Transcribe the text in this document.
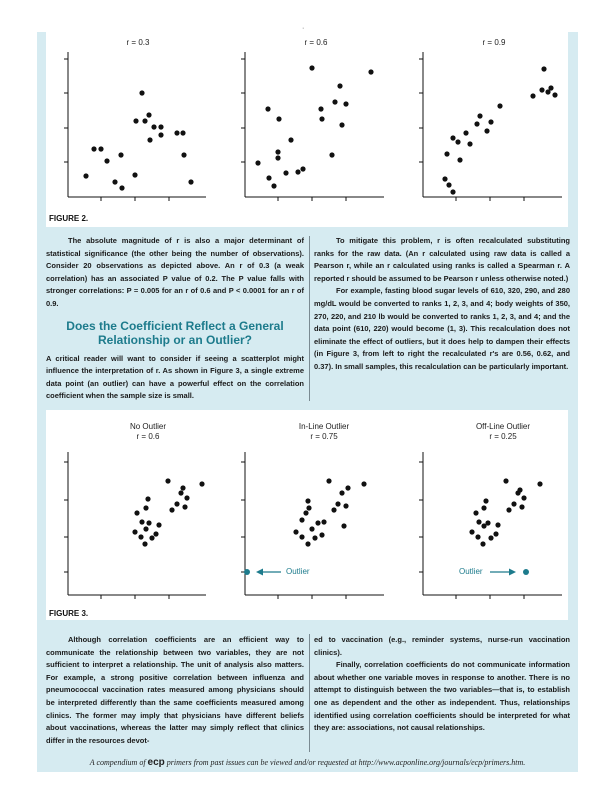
·
r = 0.3	r = 0.6	r = 0.9
FIGURE 2.

The absolute magnitude of r is also a major determinant of statistical significance (the other being the number of observations). Consider 20 observations as depicted above. An r of 0.3 (a weak correlation) has an associated P value of 0.2. The P value falls with stronger correlations: P = 0.005 for an r of 0.6 and P < 0.0001 for an r of 0.9.

Does the Coefficient Reflect a General Relationship or an Outlier?

A critical reader will want to consider if seeing a scatterplot might influence the interpretation of r. As shown in Figure 3, a single extreme data point (an outlier) can have a powerful effect on the correlation coefficient when the sample size is small.

To mitigate this problem, r is often recalculated substituting ranks for the raw data. (An r calculated using raw data is called a Pearson r, while an r calculated using ranks is called a Spearman r. A reported r should be assumed to be Pearson r unless otherwise noted.)

For example, fasting blood sugar levels of 610, 320, 290, and 280 mg/dL would be converted to ranks 1, 2, 3, and 4; body weights of 350, 270, 220, and 210 lb would be converted to ranks 1, 2, 3, and 4; and the data point (610, 220) would become (1, 3). This recalculation does not eliminate the effect of outliers, but it does help to dampen their effects (in Figure 3, from left to right the recalculated r's are 0.56, 0.62, and 0.37). In small samples, this recalculation can be particularly important.

No Outlier
r = 0.6
In-Line Outlier
r = 0.75
Off-Line Outlier
r = 0.25
Outlier	Outlier
FIGURE 3.

Although correlation coefficients are an efficient way to communicate the relationship between two variables, they are not sufficient to interpret a relationship. The unit of analysis also matters. For example, a strong positive correlation between influenza and pneumococcal vaccination rates measured among physicians should be interpreted differently than the same coefficients measured among clinics. The former may imply that physicians have different beliefs about vaccinations, whereas the latter may simply reflect that clinics differ in the resources devot-

ed to vaccination (e.g., reminder systems, nurse-run vaccination clinics).

Finally, correlation coefficients do not communicate information about whether one variable moves in response to another. There is no attempt to distinguish between the two variables—that is, to establish one as dependent and the other as independent. Thus, relationships identified using correlation coefficients should be interpreted for what they are: associations, not causal relationships.

A compendium of ecp primers from past issues can be viewed and/or requested at http://www.acponline.org/journals/ecp/primers.htm.
